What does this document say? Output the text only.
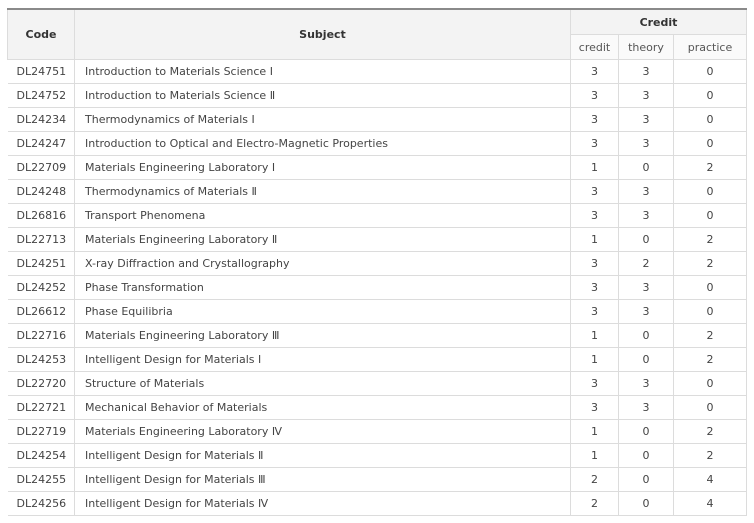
Code	Subject	Credit		
		credit	theory	practice
DL24751	Introduction to Materials Science Ⅰ	3	3	0
DL24752	Introduction to Materials Science Ⅱ	3	3	0
DL24234	Thermodynamics of Materials Ⅰ	3	3	0
DL24247	Introduction to Optical and Electro-Magnetic Properties	3	3	0
DL22709	Materials Engineering Laboratory Ⅰ	1	0	2
DL24248	Thermodynamics of Materials Ⅱ	3	3	0
DL26816	Transport Phenomena	3	3	0
DL22713	Materials Engineering Laboratory Ⅱ	1	0	2
DL24251	X-ray Diffraction and Crystallography	3	2	2
DL24252	Phase Transformation	3	3	0
DL26612	Phase Equilibria	3	3	0
DL22716	Materials Engineering Laboratory Ⅲ	1	0	2
DL24253	Intelligent Design for Materials Ⅰ	1	0	2
DL22720	Structure of Materials	3	3	0
DL22721	Mechanical Behavior of Materials	3	3	0
DL22719	Materials Engineering Laboratory Ⅳ	1	0	2
DL24254	Intelligent Design for Materials Ⅱ	1	0	2
DL24255	Intelligent Design for Materials Ⅲ	2	0	4
DL24256	Intelligent Design for Materials Ⅳ	2	0	4
